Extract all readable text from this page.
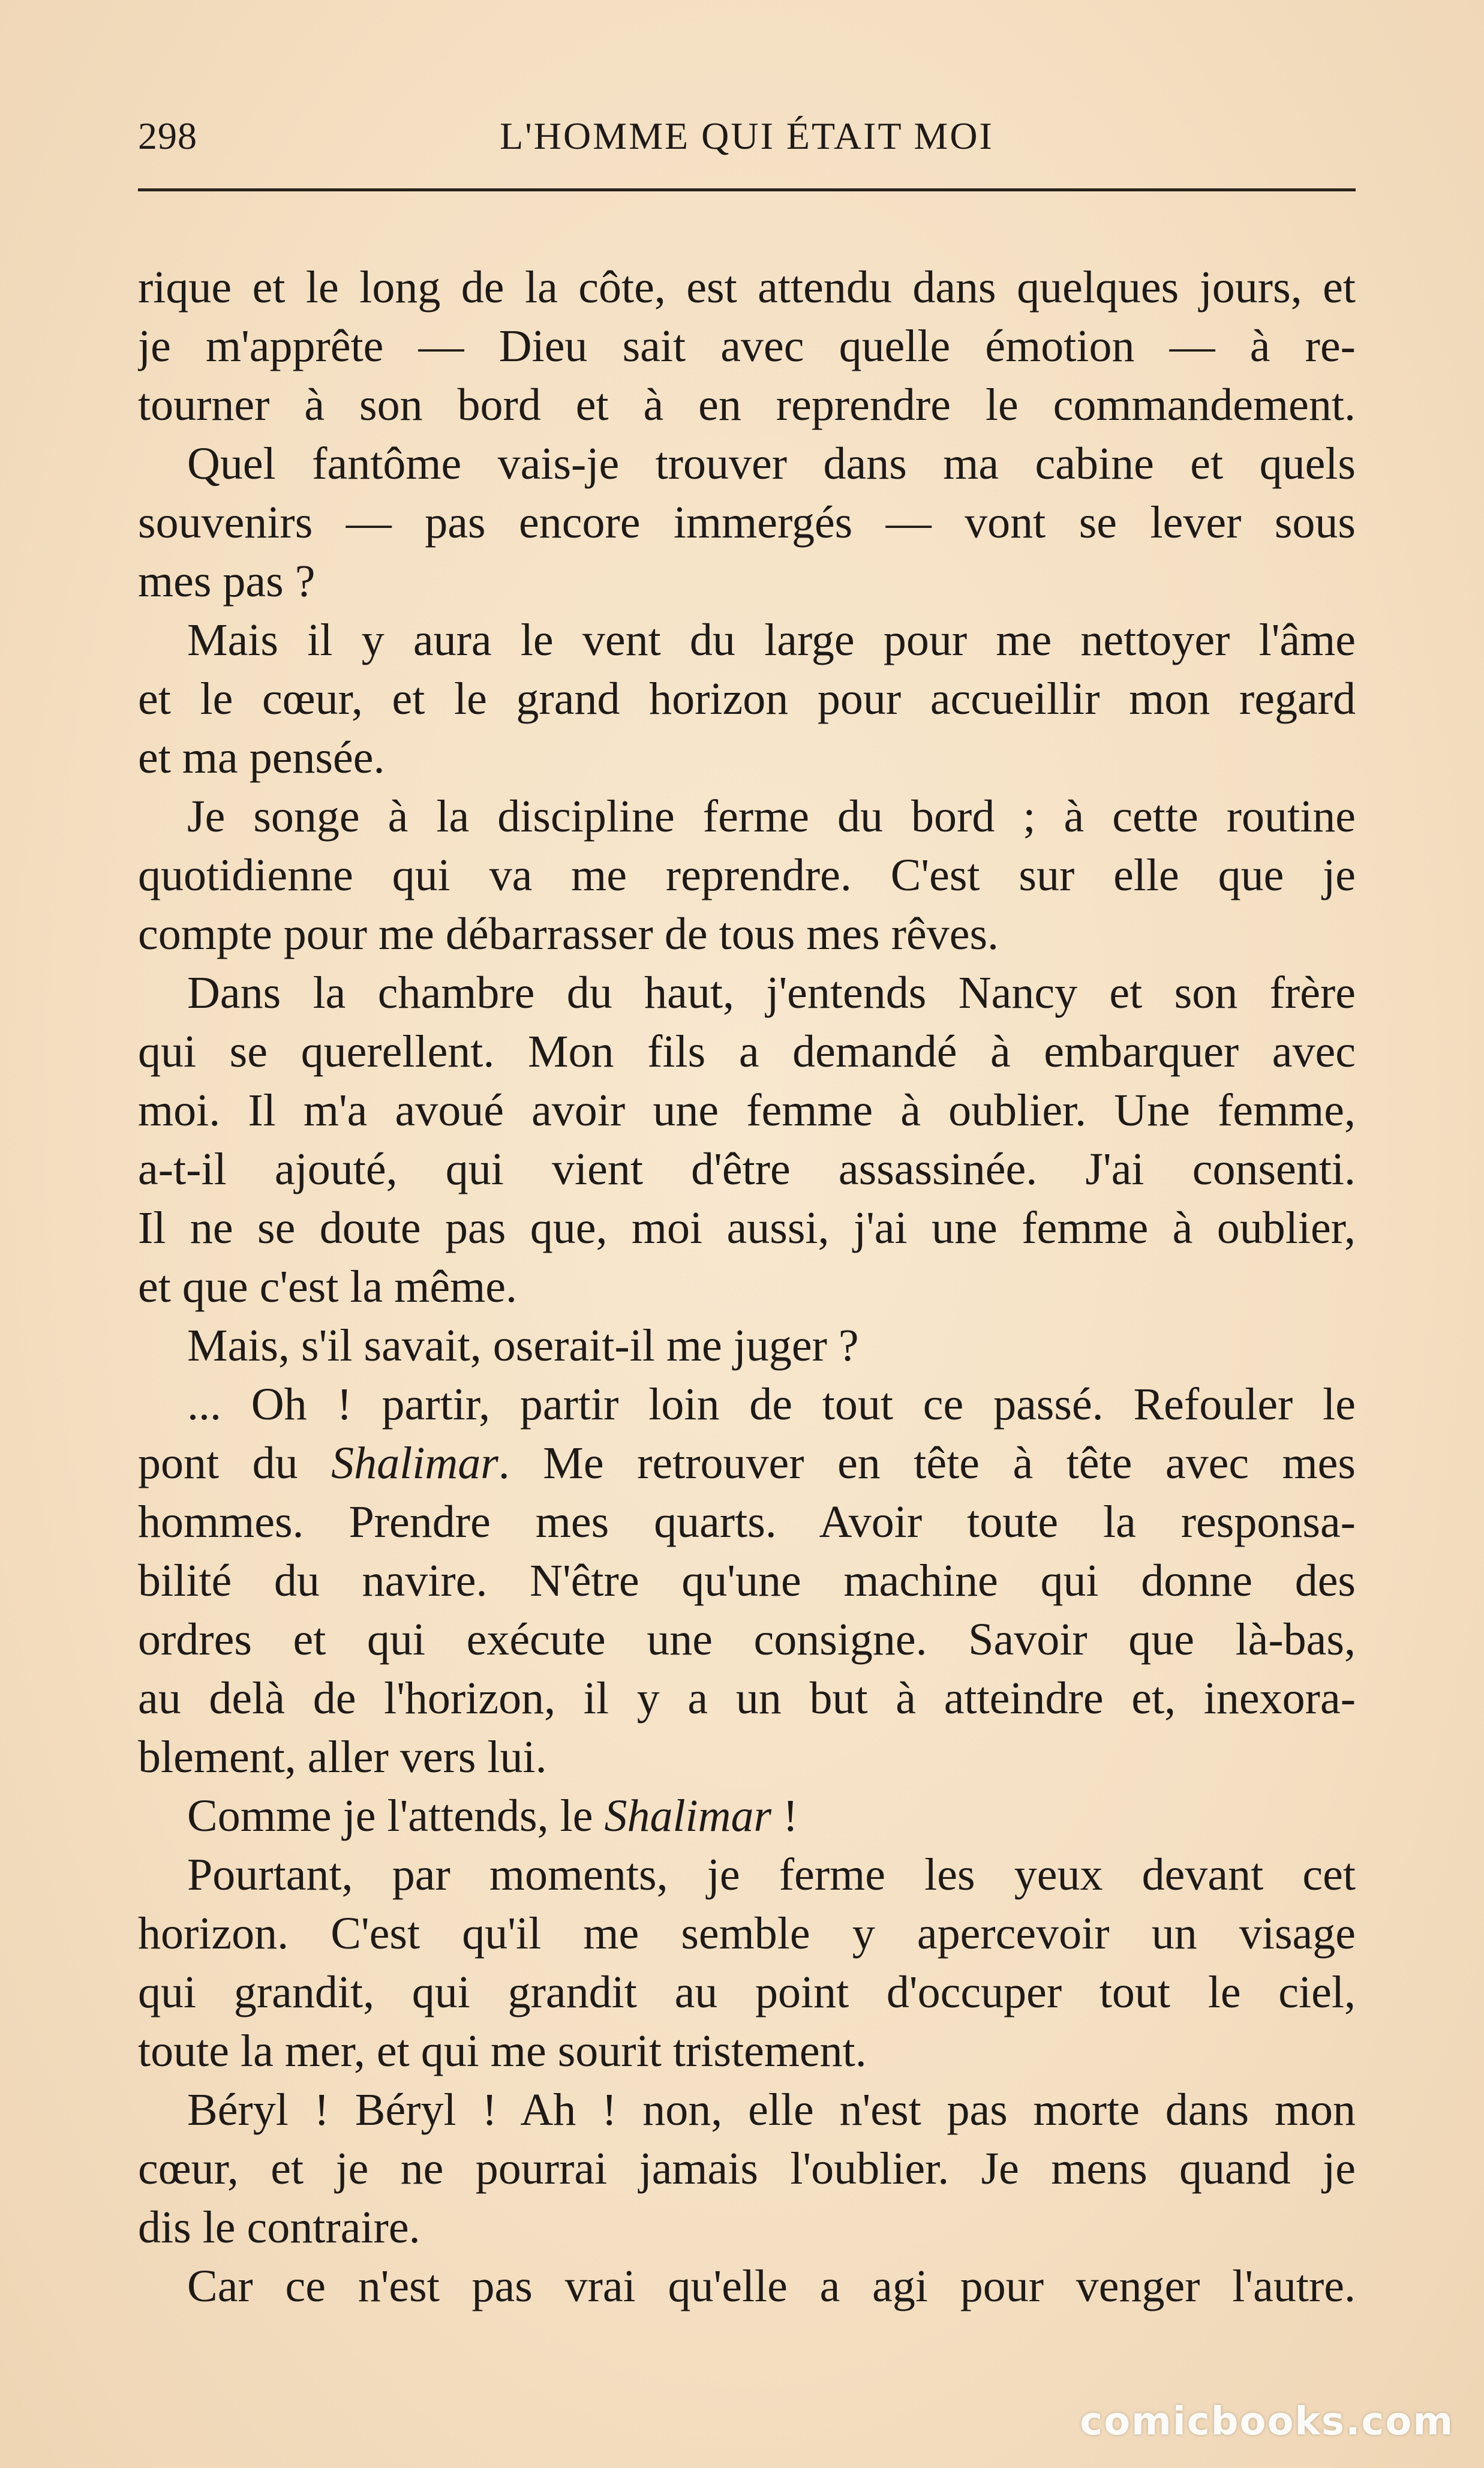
298	L'HOMME QUI ÉTAIT MOI
rique et le long de la côte, est attendu dans quelques jours, et
je m'apprête — Dieu sait avec quelle émotion — à re-
tourner à son bord et à en reprendre le commandement.
Quel fantôme vais-je trouver dans ma cabine et quels
souvenirs — pas encore immergés — vont se lever sous
mes pas ?
Mais il y aura le vent du large pour me nettoyer l'âme
et le cœur, et le grand horizon pour accueillir mon regard
et ma pensée.
Je songe à la discipline ferme du bord ; à cette routine
quotidienne qui va me reprendre. C'est sur elle que je
compte pour me débarrasser de tous mes rêves.
Dans la chambre du haut, j'entends Nancy et son frère
qui se querellent. Mon fils a demandé à embarquer avec
moi. Il m'a avoué avoir une femme à oublier. Une femme,
a-t-il ajouté, qui vient d'être assassinée. J'ai consenti.
Il ne se doute pas que, moi aussi, j'ai une femme à oublier,
et que c'est la même.
Mais, s'il savait, oserait-il me juger ?
... Oh ! partir, partir loin de tout ce passé. Refouler le
pont du Shalimar. Me retrouver en tête à tête avec mes
hommes. Prendre mes quarts. Avoir toute la responsa-
bilité du navire. N'être qu'une machine qui donne des
ordres et qui exécute une consigne. Savoir que là-bas,
au delà de l'horizon, il y a un but à atteindre et, inexora-
blement, aller vers lui.
Comme je l'attends, le Shalimar !
Pourtant, par moments, je ferme les yeux devant cet
horizon. C'est qu'il me semble y apercevoir un visage
qui grandit, qui grandit au point d'occuper tout le ciel,
toute la mer, et qui me sourit tristement.
Béryl ! Béryl ! Ah ! non, elle n'est pas morte dans mon
cœur, et je ne pourrai jamais l'oublier. Je mens quand je
dis le contraire.
Car ce n'est pas vrai qu'elle a agi pour venger l'autre.
comicbooks.com
